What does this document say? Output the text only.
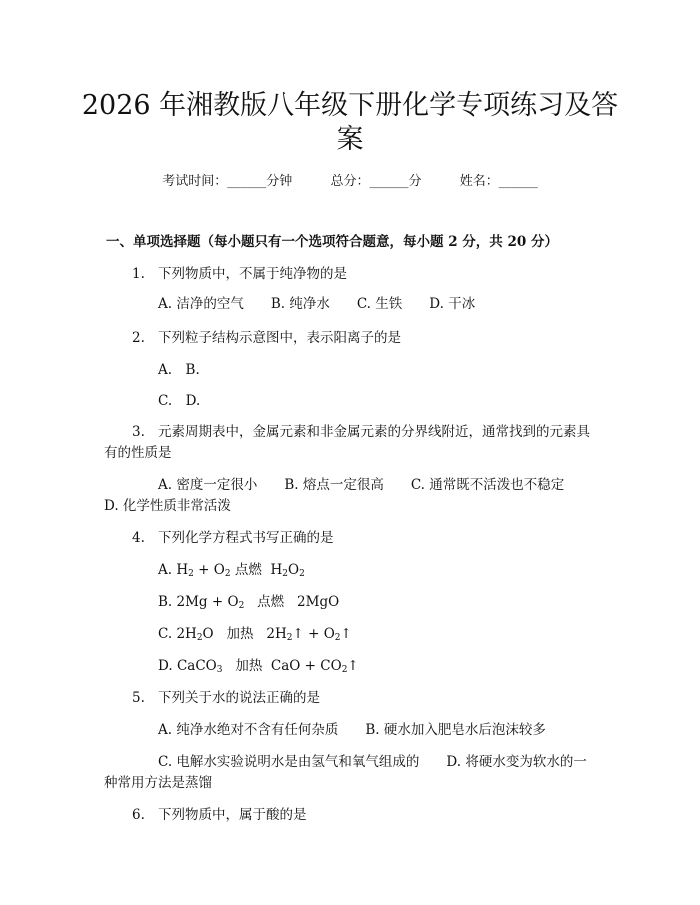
2026 年湘教版八年级下册化学专项练习及答
案
考试时间：______分钟	总分：______分	姓名：______
一、单项选择题（每小题只有一个选项符合题意，每小题 2 分，共 20 分）
1. 下列物质中，不属于纯净物的是
A. 洁净的空气　　B. 纯净水　　C. 生铁　　D. 干冰
2. 下列粒子结构示意图中，表示阳离子的是
A.　B.
C.　D.
3. 元素周期表中，金属元素和非金属元素的分界线附近，通常找到的元素具
有的性质是
A. 密度一定很小　　B. 熔点一定很高　　C. 通常既不活泼也不稳定
D. 化学性质非常活泼
4. 下列化学方程式书写正确的是
A. $H_2 + O_2$ 点燃 $H_2O_2$
B. $2Mg + O_2$ 点燃 2MgO
C. $2H_2O$ 加热 $2H_2↑$ + $O_2↑$
D. CaCO$_3$ 加热 CaO + $CO_2↑$
5. 下列关于水的说法正确的是
A. 纯净水绝对不含有任何杂质　　B. 硬水加入肥皂水后泡沫较多
C. 电解水实验说明水是由氢气和氧气组成的　　D. 将硬水变为软水的一
种常用方法是蒸馏
6. 下列物质中，属于酸的是
